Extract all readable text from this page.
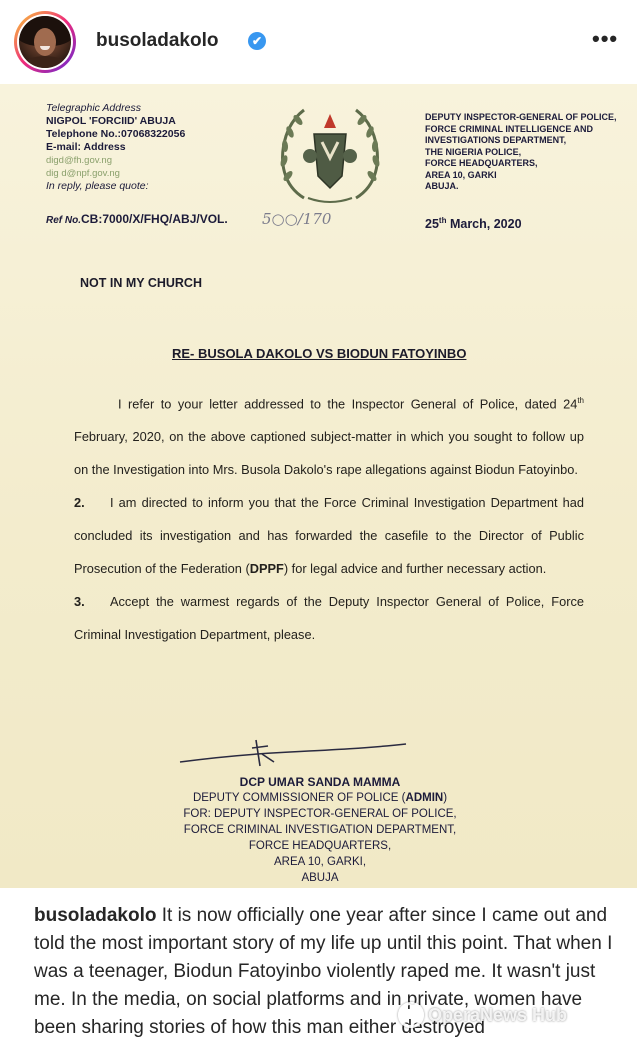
busoladakolo	✔	•••
Telegraphic Address
NIGPOL 'FORCIID' ABUJA
Telephone No.:07068322056
E-mail: Address
digd@fh.gov.ng
dig d@npf.gov.ng
In reply, please quote:
Ref No.CB:7000/X/FHQ/ABJ/VOL. 5○○/170
DEPUTY INSPECTOR-GENERAL OF POLICE,
FORCE CRIMINAL INTELLIGENCE AND
INVESTIGATIONS DEPARTMENT,
THE NIGERIA POLICE,
FORCE HEADQUARTERS,
AREA 10, GARKI
ABUJA.
25th March, 2020
NOT IN MY CHURCH
RE- BUSOLA DAKOLO VS BIODUN FATOYINBO

I refer to your letter addressed to the Inspector General of Police, dated 24th February, 2020, on the above captioned subject-matter in which you sought to follow up on the Investigation into Mrs. Busola Dakolo's rape allegations against Biodun Fatoyinbo.

2. I am directed to inform you that the Force Criminal Investigation Department had concluded its investigation and has forwarded the casefile to the Director of Public Prosecution of the Federation (DPPF) for legal advice and further necessary action.

3. Accept the warmest regards of the Deputy Inspector General of Police, Force Criminal Investigation Department, please.

DCP UMAR SANDA MAMMA
DEPUTY COMMISSIONER OF POLICE (ADMIN)
FOR: DEPUTY INSPECTOR-GENERAL OF POLICE,
FORCE CRIMINAL INVESTIGATION DEPARTMENT,
FORCE HEADQUARTERS,
AREA 10, GARKI,
ABUJA
busoladakolo It is now officially one year after since I came out and told the most important story of my life up until this point. That when I was a teenager, Biodun Fatoyinbo violently raped me. It wasn't just me. In the media, on social platforms and in private, women have been sharing stories of how this man either destroyed
OperaNews Hub
